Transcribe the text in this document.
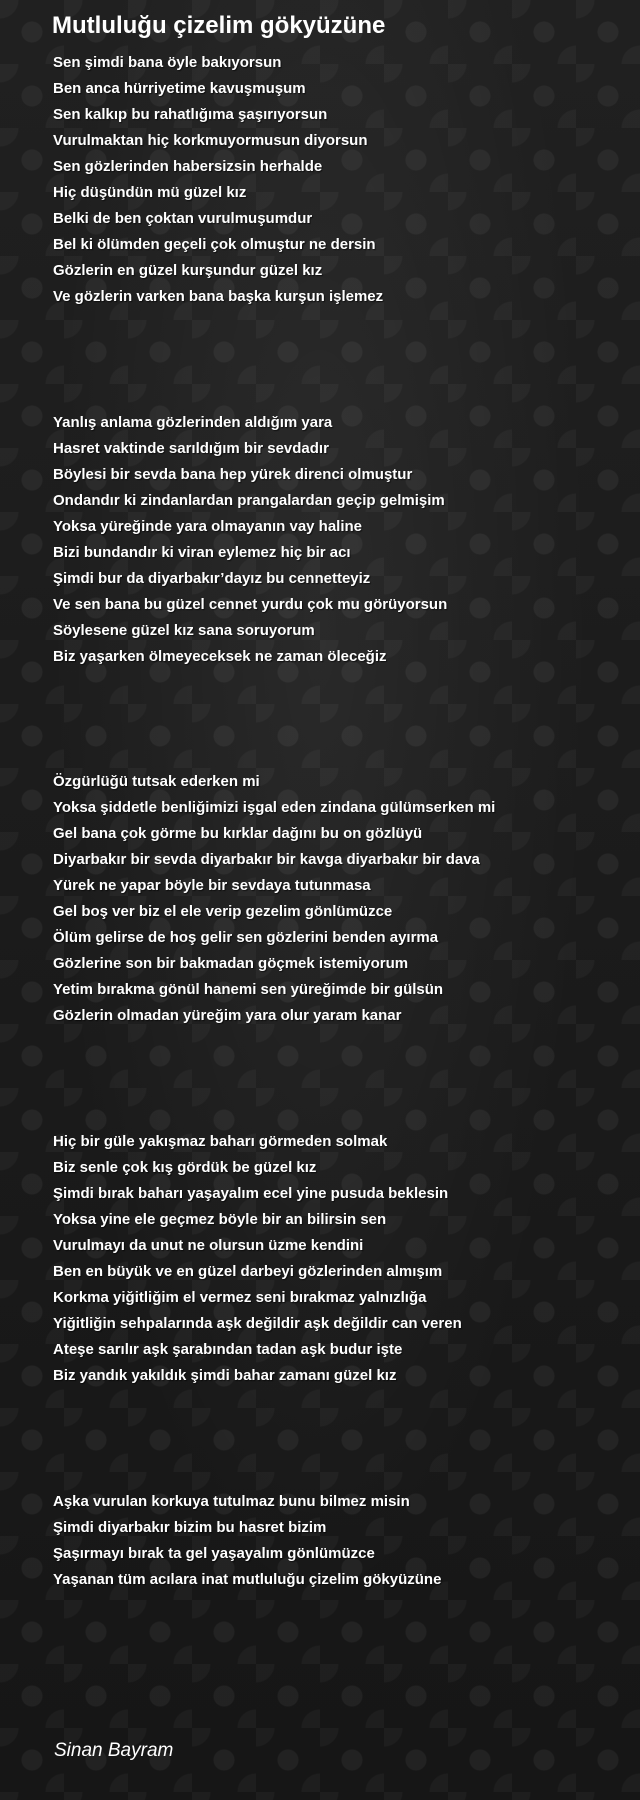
Mutluluğu çizelim gökyüzüne
Sen şimdi bana öyle bakıyorsun
Ben anca hürriyetime kavuşmuşum
Sen kalkıp bu rahatlığıma şaşırıyorsun
Vurulmaktan hiç korkmuyormusun diyorsun
Sen gözlerinden habersizsin herhalde
Hiç düşündün mü güzel kız
Belki de ben çoktan vurulmuşumdur
Bel ki ölümden geçeli çok olmuştur ne dersin
Gözlerin en güzel kurşundur güzel kız
Ve gözlerin varken bana başka kurşun işlemez
Yanlış anlama gözlerinden aldığım yara
Hasret vaktinde sarıldığım bir sevdadır
Böylesi bir sevda bana hep yürek direnci olmuştur
Ondandır ki zindanlardan prangalardan geçip gelmişim
Yoksa yüreğinde yara olmayanın vay haline
Bizi bundandır ki viran eylemez hiç bir acı
Şimdi bur da diyarbakır’dayız bu cennetteyiz
Ve sen bana bu güzel cennet yurdu çok mu görüyorsun
Söylesene güzel kız sana soruyorum
Biz yaşarken ölmeyeceksek ne zaman öleceğiz
Özgürlüğü tutsak ederken mi
Yoksa şiddetle benliğimizi işgal eden zindana gülümserken mi
Gel bana çok görme bu kırklar dağını bu on gözlüyü
Diyarbakır bir sevda diyarbakır bir kavga diyarbakır bir dava
Yürek ne yapar böyle bir sevdaya tutunmasa
Gel boş ver biz el ele verip gezelim gönlümüzce
Ölüm gelirse de hoş gelir sen gözlerini benden ayırma
Gözlerine son bir bakmadan göçmek istemiyorum
Yetim bırakma gönül hanemi sen yüreğimde bir gülsün
Gözlerin olmadan yüreğim yara olur yaram kanar
Hiç bir güle yakışmaz baharı görmeden solmak
Biz senle çok kış gördük be güzel kız
Şimdi bırak baharı yaşayalım ecel yine pusuda beklesin
Yoksa yine ele geçmez böyle bir an bilirsin sen
Vurulmayı da unut ne olursun üzme kendini
Ben en büyük ve en güzel darbeyi gözlerinden almışım
Korkma yiğitliğim el vermez seni bırakmaz yalnızlığa
Yiğitliğin sehpalarında aşk değildir aşk değildir can veren
Ateşe sarılır aşk şarabından tadan aşk budur işte
Biz yandık yakıldık şimdi bahar zamanı güzel kız
Aşka vurulan korkuya tutulmaz bunu bilmez misin
Şimdi diyarbakır bizim bu hasret bizim
Şaşırmayı bırak ta gel yaşayalım gönlümüzce
Yaşanan tüm acılara inat mutluluğu çizelim gökyüzüne
Sinan Bayram
